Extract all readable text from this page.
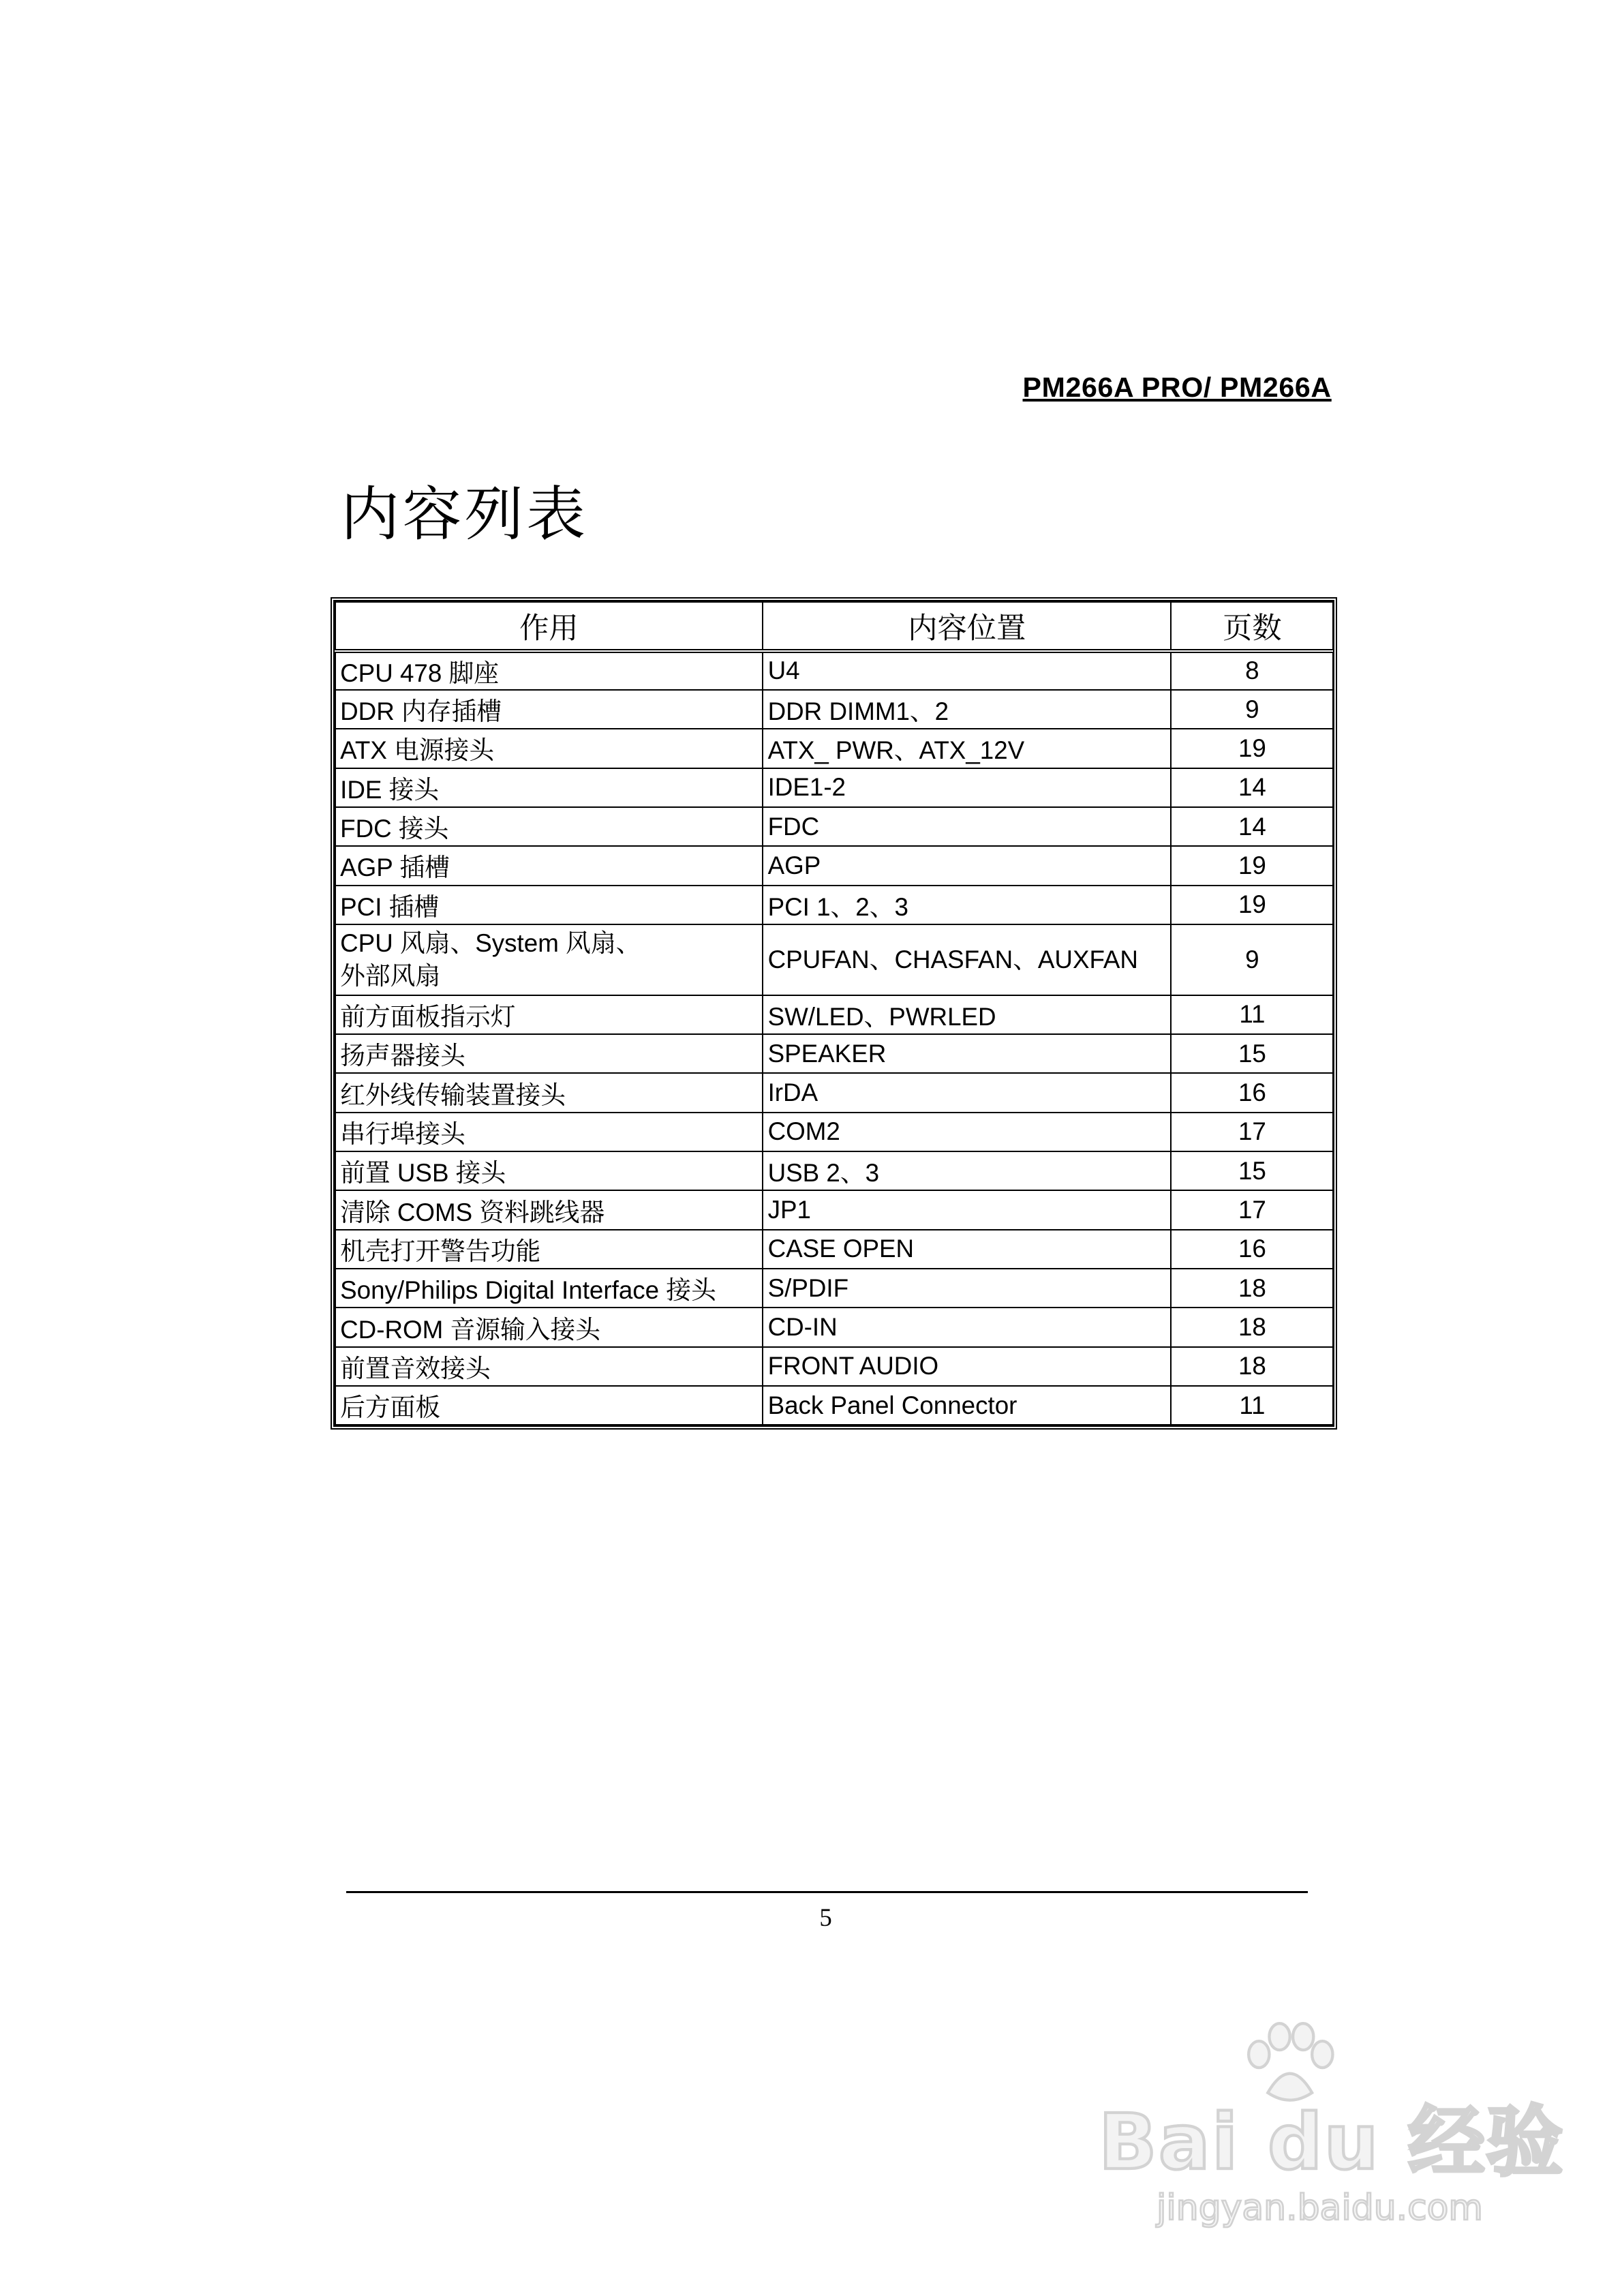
PM266A PRO/ PM266A
内容列表
作用	内容位置	页数
CPU 478 脚座	U4	8
DDR 内存插槽	DDR DIMM1、2	9
ATX 电源接头	ATX_ PWR、ATX_12V	19
IDE 接头	IDE1-2	14
FDC 接头	FDC	14
AGP 插槽	AGP	19
PCI 插槽	PCI 1、2、3	19
CPU 风扇、System 风扇、
外部风扇	CPUFAN、CHASFAN、AUXFAN	9
前方面板指示灯	SW/LED、PWRLED	11
扬声器接头	SPEAKER	15
红外线传输装置接头	IrDA	16
串行埠接头	COM2	17
前置 USB 接头	USB 2、3	15
清除 COMS 资料跳线器	JP1	17
机壳打开警告功能	CASE OPEN	16
Sony/Philips Digital Interface 接头	S/PDIF	18
CD-ROM 音源输入接头	CD-IN	18
前置音效接头	FRONT AUDIO	18
后方面板	Back Panel Connector	11
5
Bai du 经验
jingyan.baidu.com
